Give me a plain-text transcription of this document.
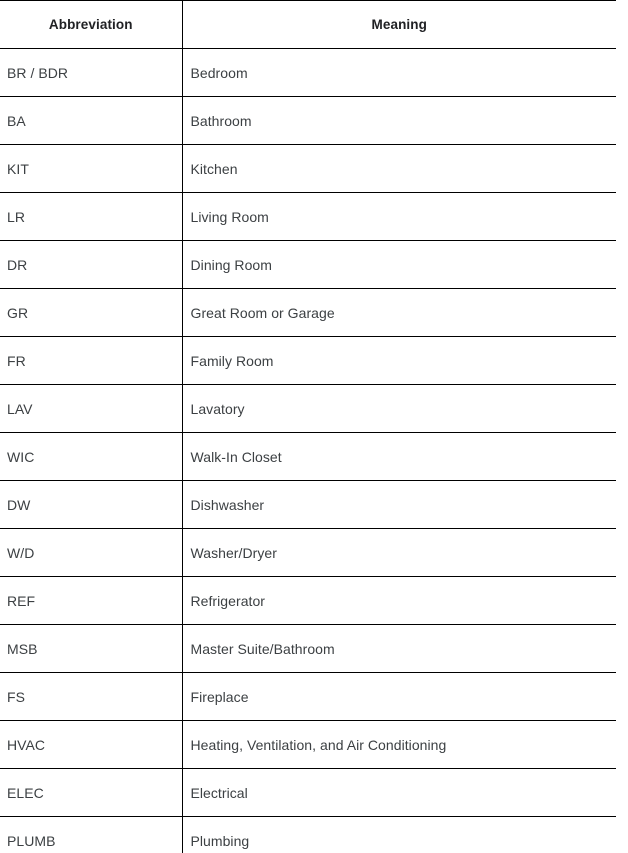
Abbreviation	Meaning
BR / BDR	Bedroom
BA	Bathroom
KIT	Kitchen
LR	Living Room
DR	Dining Room
GR	Great Room or Garage
FR	Family Room
LAV	Lavatory
WIC	Walk-In Closet
DW	Dishwasher
W/D	Washer/Dryer
REF	Refrigerator
MSB	Master Suite/Bathroom
FS	Fireplace
HVAC	Heating, Ventilation, and Air Conditioning
ELEC	Electrical
PLUMB	Plumbing
